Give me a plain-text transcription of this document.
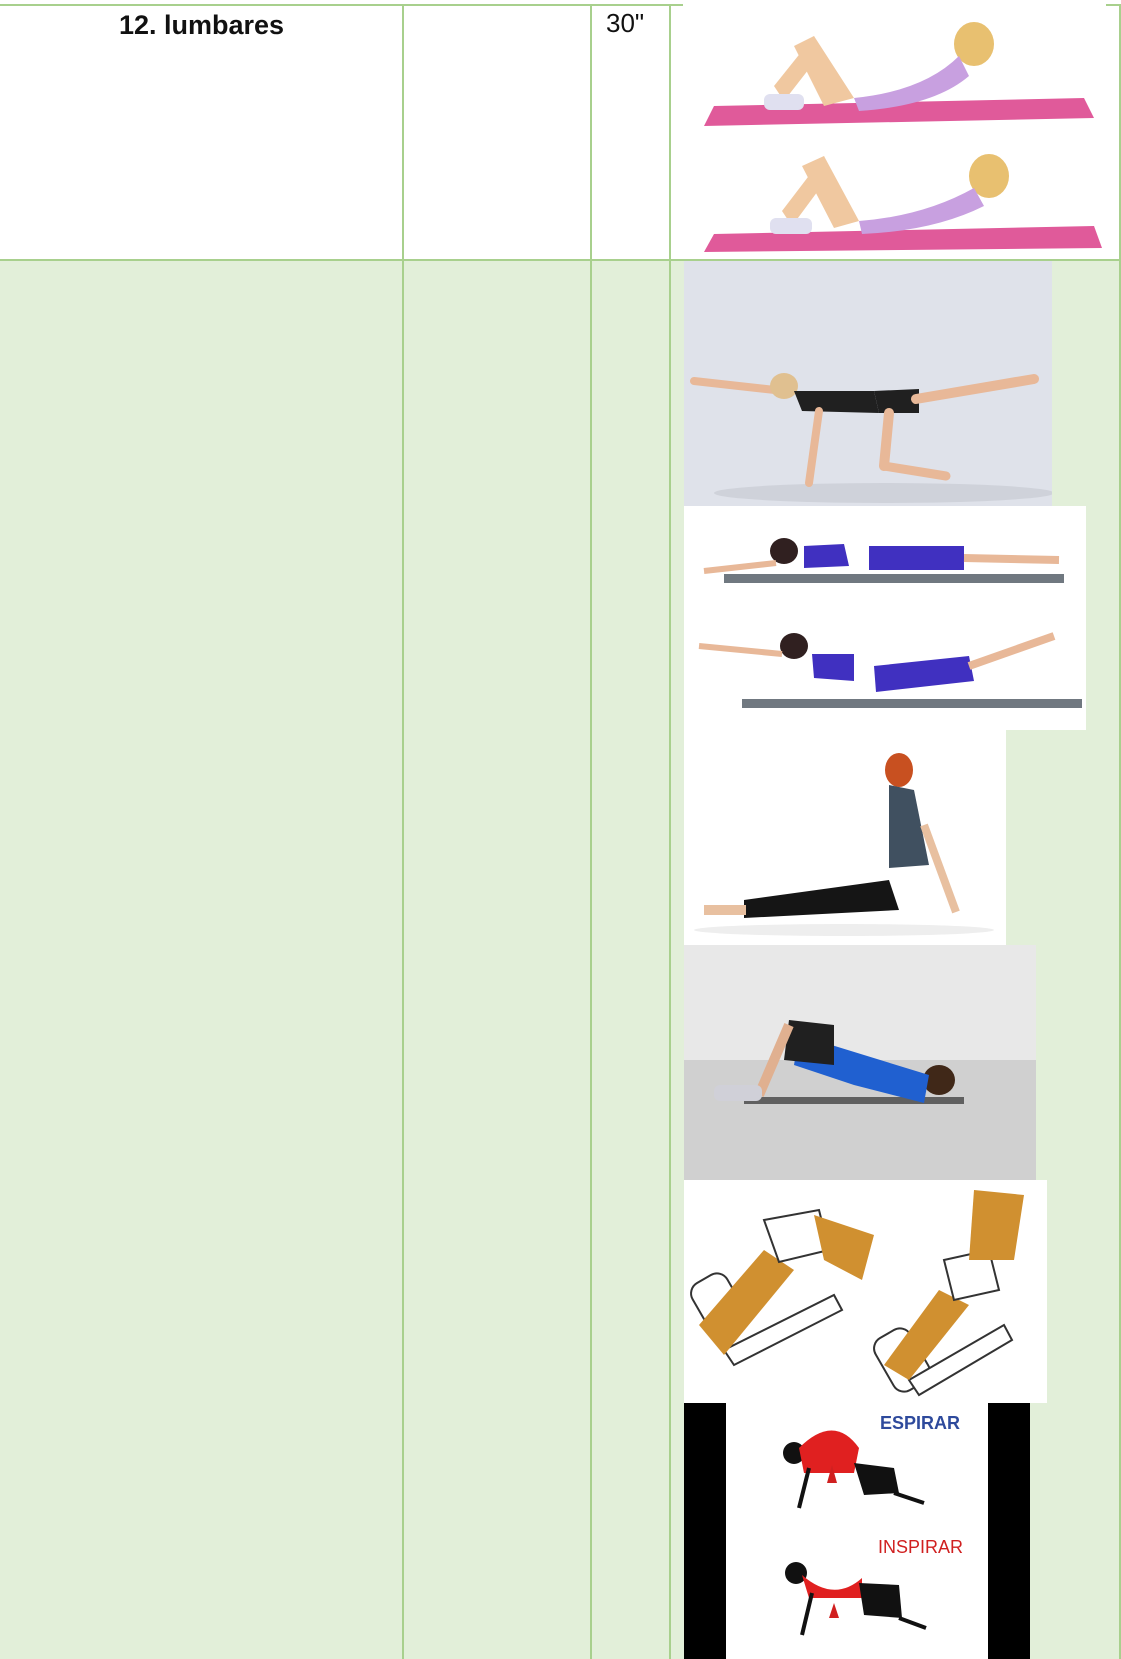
12. lumbares	30"
ESPIRAR
INSPIRAR
